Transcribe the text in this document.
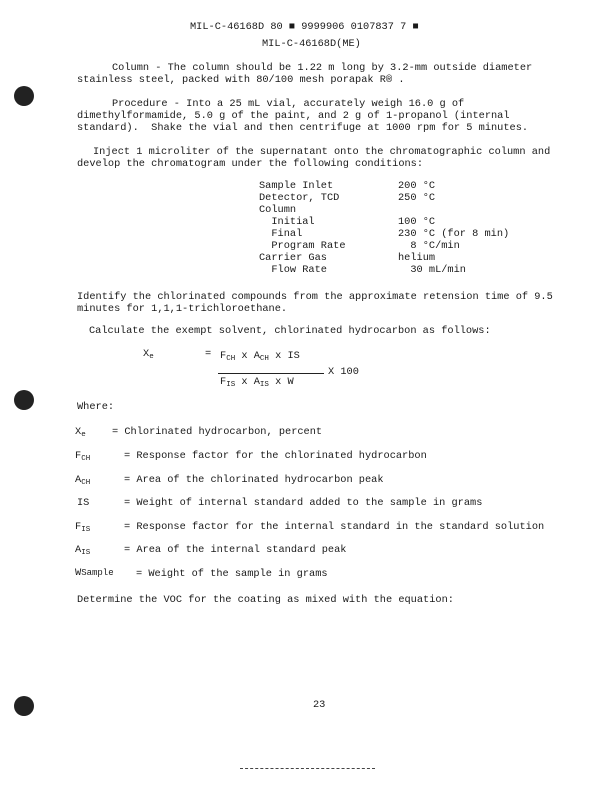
MIL-C-46168D 80 ■ 9999906 0107837 7 ■
MIL-C-46168D(ME)
Column - The column should be 1.22 m long by 3.2-mm outside diameter
stainless steel, packed with 80/100 mesh porapak R® .
Procedure - Into a 25 mL vial, accurately weigh 16.0 g of
dimethylformamide, 5.0 g of the paint, and 2 g of 1-propanol (internal
standard).  Shake the vial and then centrifuge at 1000 rpm for 5 minutes.
Inject 1 microliter of the supernatant onto the chromatographic column and
develop the chromatogram under the following conditions:
Sample Inlet	200 °C
Detector, TCD	250 °C
Column
Initial	100 °C
Final	230 °C (for 8 min)
Program Rate	8 °C/min
Carrier Gas	helium
Flow Rate	30 mL/min
Identify the chlorinated compounds from the approximate retension time of 9.5
minutes for 1,1,1-trichloroethane.
Calculate the exempt solvent, chlorinated hydrocarbon as follows:
$X_e$	= $F_{CH}$ x $A_{CH}$ x IS
X 100
$F_{IS}$ x $A_{IS}$ x W
Where:
$X_e$	= Chlorinated hydrocarbon, percent
$F_{CH}$	= Response factor for the chlorinated hydrocarbon
$A_{CH}$	= Area of the chlorinated hydrocarbon peak
IS	= Weight of internal standard added to the sample in grams
$F_{IS}$	= Response factor for the internal standard in the standard solution
$A_{IS}$	= Area of the internal standard peak
WSample = Weight of the sample in grams
Determine the VOC for the coating as mixed with the equation:
23
